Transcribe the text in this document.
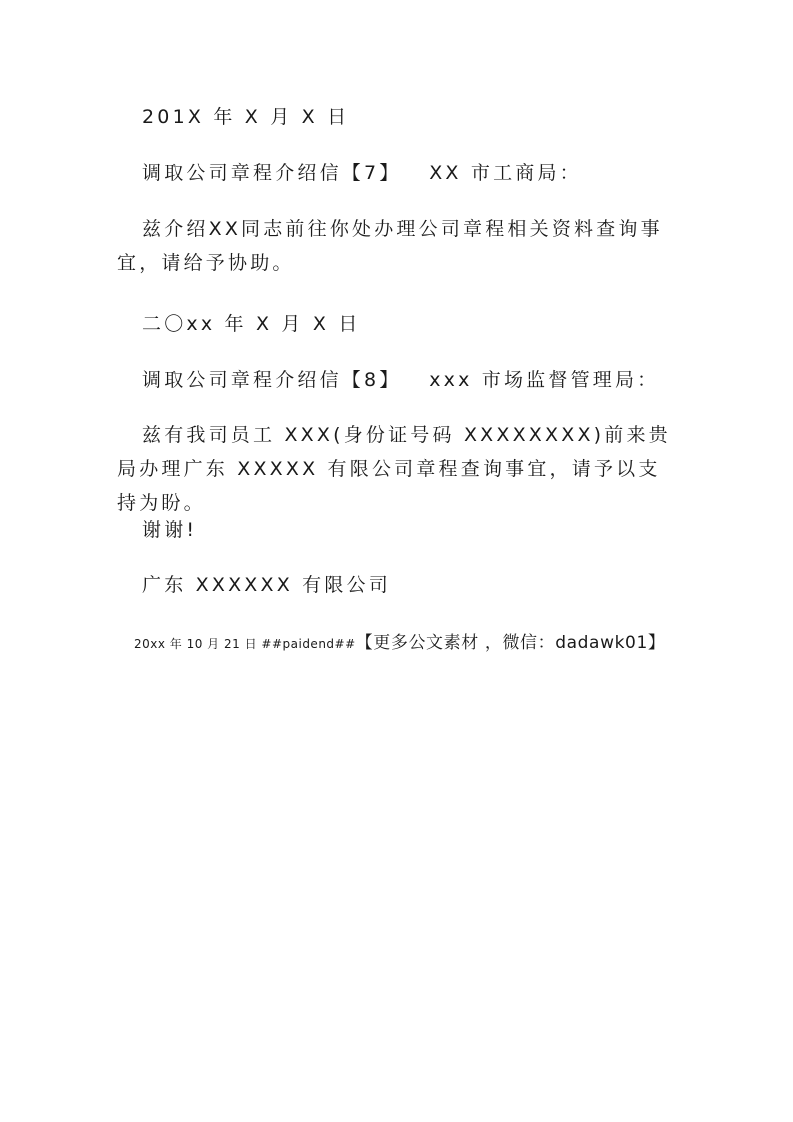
201X 年 X 月 X 日

调取公司章程介绍信【7】   XX 市工商局：

兹介绍XX同志前往你处办理公司章程相关资料查询事宜，请给予协助。

二〇xx 年 X 月 X 日

调取公司章程介绍信【8】   xxx 市场监督管理局：

兹有我司员工 XXX(身份证号码 XXXXXXXX)前来贵局办理广东 XXXXX 有限公司章程查询事宜，请予以支持为盼。

谢谢!

广东 XXXXXX 有限公司

20xx 年 10 月 21 日 ##paidend##【更多公文素材 ，微信：dadawk01】
